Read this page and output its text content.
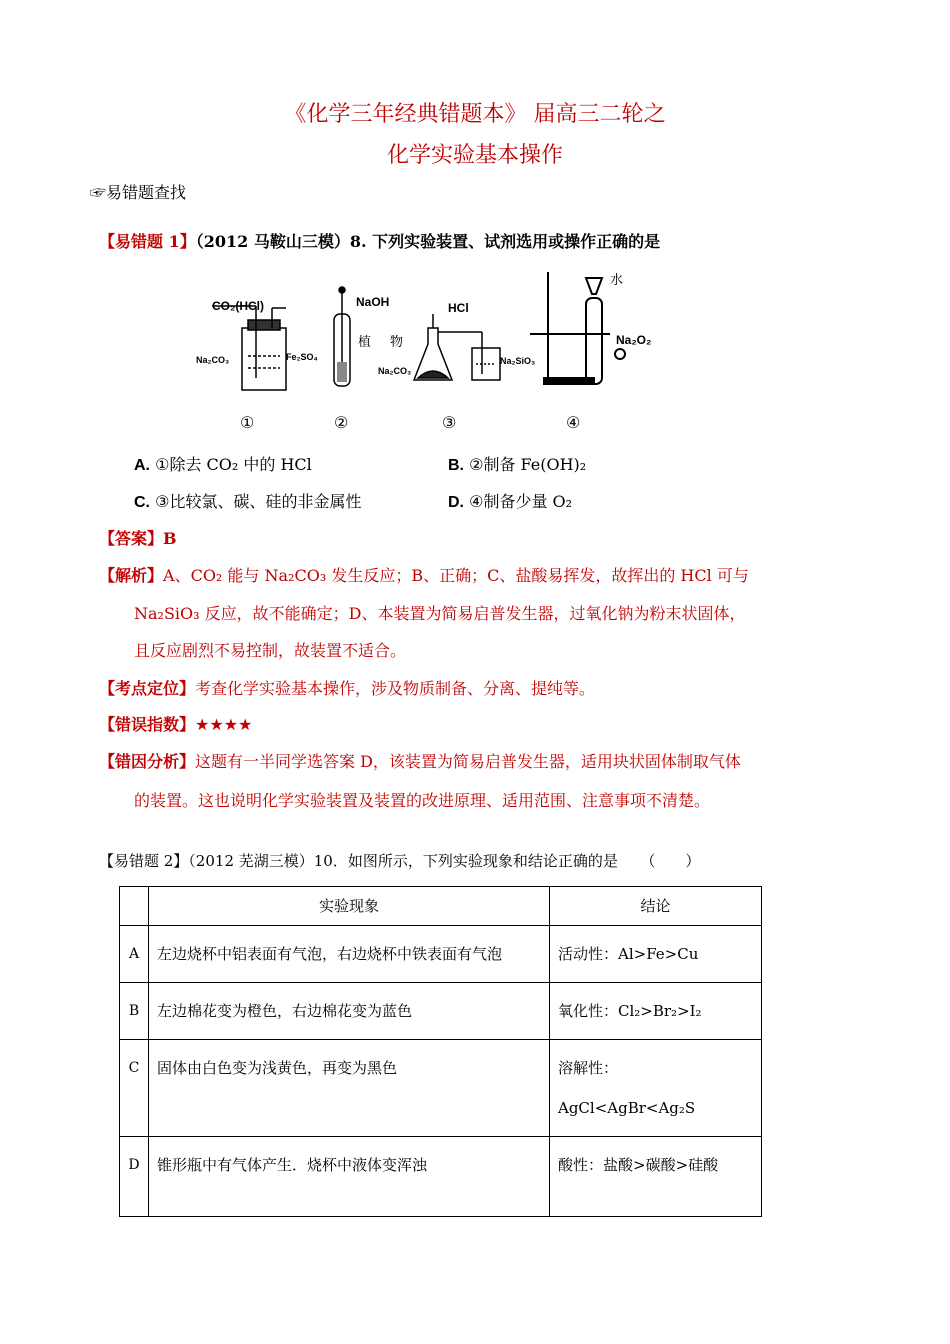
《化学三年经典错题本》 届高三二轮之
化学实验基本操作
☞易错题查找
【易错题 1】（2012 马鞍山三模）8. 下列实验装置、试剂选用或操作正确的是
CO₂(HCl)
Na₂CO₃
NaOH
植 物
Fe₂SO₄
HCl
Na₂CO₃
Na₂SiO₃
水
Na₂O₂
①	②	③	④
A. ①除去 CO₂ 中的 HCl	B. ②制备 Fe(OH)₂
C. ③比较氯、碳、硅的非金属性	D. ④制备少量 O₂
【答案】B
【解析】A、CO₂ 能与 Na₂CO₃ 发生反应；B、正确；C、盐酸易挥发，故挥出的 HCl 可与
Na₂SiO₃ 反应，故不能确定；D、本装置为简易启普发生器，过氧化钠为粉末状固体，
且反应剧烈不易控制，故装置不适合。
【考点定位】考查化学实验基本操作，涉及物质制备、分离、提纯等。
【错误指数】★★★★
【错因分析】这题有一半同学选答案 D，该装置为简易启普发生器，适用块状固体制取气体
的装置。这也说明化学实验装置及装置的改进原理、适用范围、注意事项不清楚。
【易错题 2】（2012 芜湖三模）10．如图所示，下列实验现象和结论正确的是　　（　　）
	实验现象	结论
A	左边烧杯中铝表面有气泡，右边烧杯中铁表面有气泡	活动性：Al>Fe>Cu
B	左边棉花变为橙色，右边棉花变为蓝色	氧化性：Cl₂>Br₂>I₂
C	固体由白色变为浅黄色，再变为黑色	溶解性：AgCl<AgBr<Ag₂S
D	锥形瓶中有气体产生．烧杯中液体变浑浊	酸性：盐酸>碳酸>硅酸
